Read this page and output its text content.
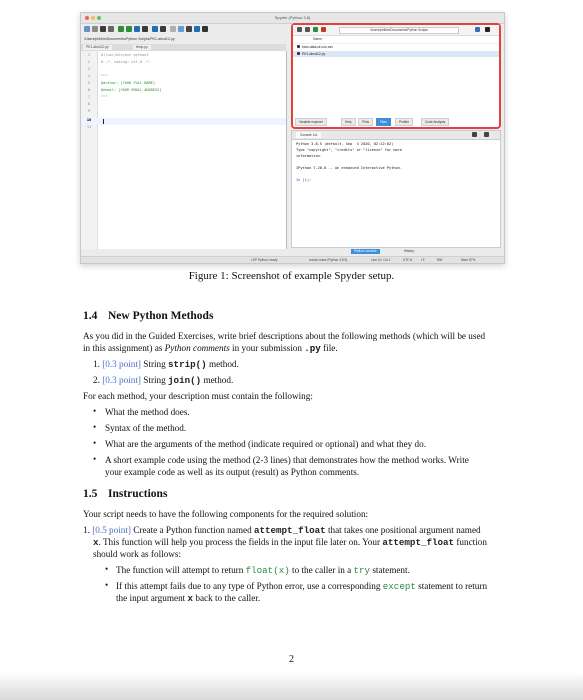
Spyder (Python 3.8)
/Users/philbin/Documents/Python Scripts/PK1-abcd12.py
PK1-abcd12.py	temp.py
1
2
3
4
5
6
7
8
9
10
11
#!/usr/bin/env python3
# -*- coding: utf-8 -*-
"""
@author: [YOUR FULL NAME]
@email: [YOUR EMAIL ADDRESS]
"""
/Users/philbin/Documents/Python Scripts
Name
bam-data-of-con.csv
PK1-abcd12.py
Variable explorer	Help	Plots	Files	Profiler	Code Analysis
Console 1/A
Python 3.8.5 (default, Sep  4 2020, 02:22:02)
Type "copyright", "credits" or "license" for more
information.
IPython 7.20.0 -- An enhanced Interactive Python.
In [1]:
IPython console	History
LSP Python: ready	conda: base (Python 3.8.5)	Line 10, Col 1	UTF-8	LF	RW	Mem 67%
Figure 1: Screenshot of example Spyder setup.
1.4 New Python Methods
As you did in the Guided Exercises, write brief descriptions about the following methods (which will be used
in this assignment) as Python comments in your submission .py file.
1. [0.3 point] String strip() method.
2. [0.3 point] String join() method.
For each method, your description must contain the following:
• What the method does.
• Syntax of the method.
• What are the arguments of the method (indicate required or optional) and what they do.
• A short example code using the method (2-3 lines) that demonstrates how the method works. Write
your example code as well as its output (result) as Python comments.
1.5 Instructions
Your script needs to have the following components for the required solution:
1. [0.5 point] Create a Python function named attempt_float that takes one positional argument named
x. This function will help you process the fields in the input file later on. Your attempt_float function
should work as follows:
• The function will attempt to return float(x) to the caller in a try statement.
• If this attempt fails due to any type of Python error, use a corresponding except statement to return
the input argument x back to the caller.
2
